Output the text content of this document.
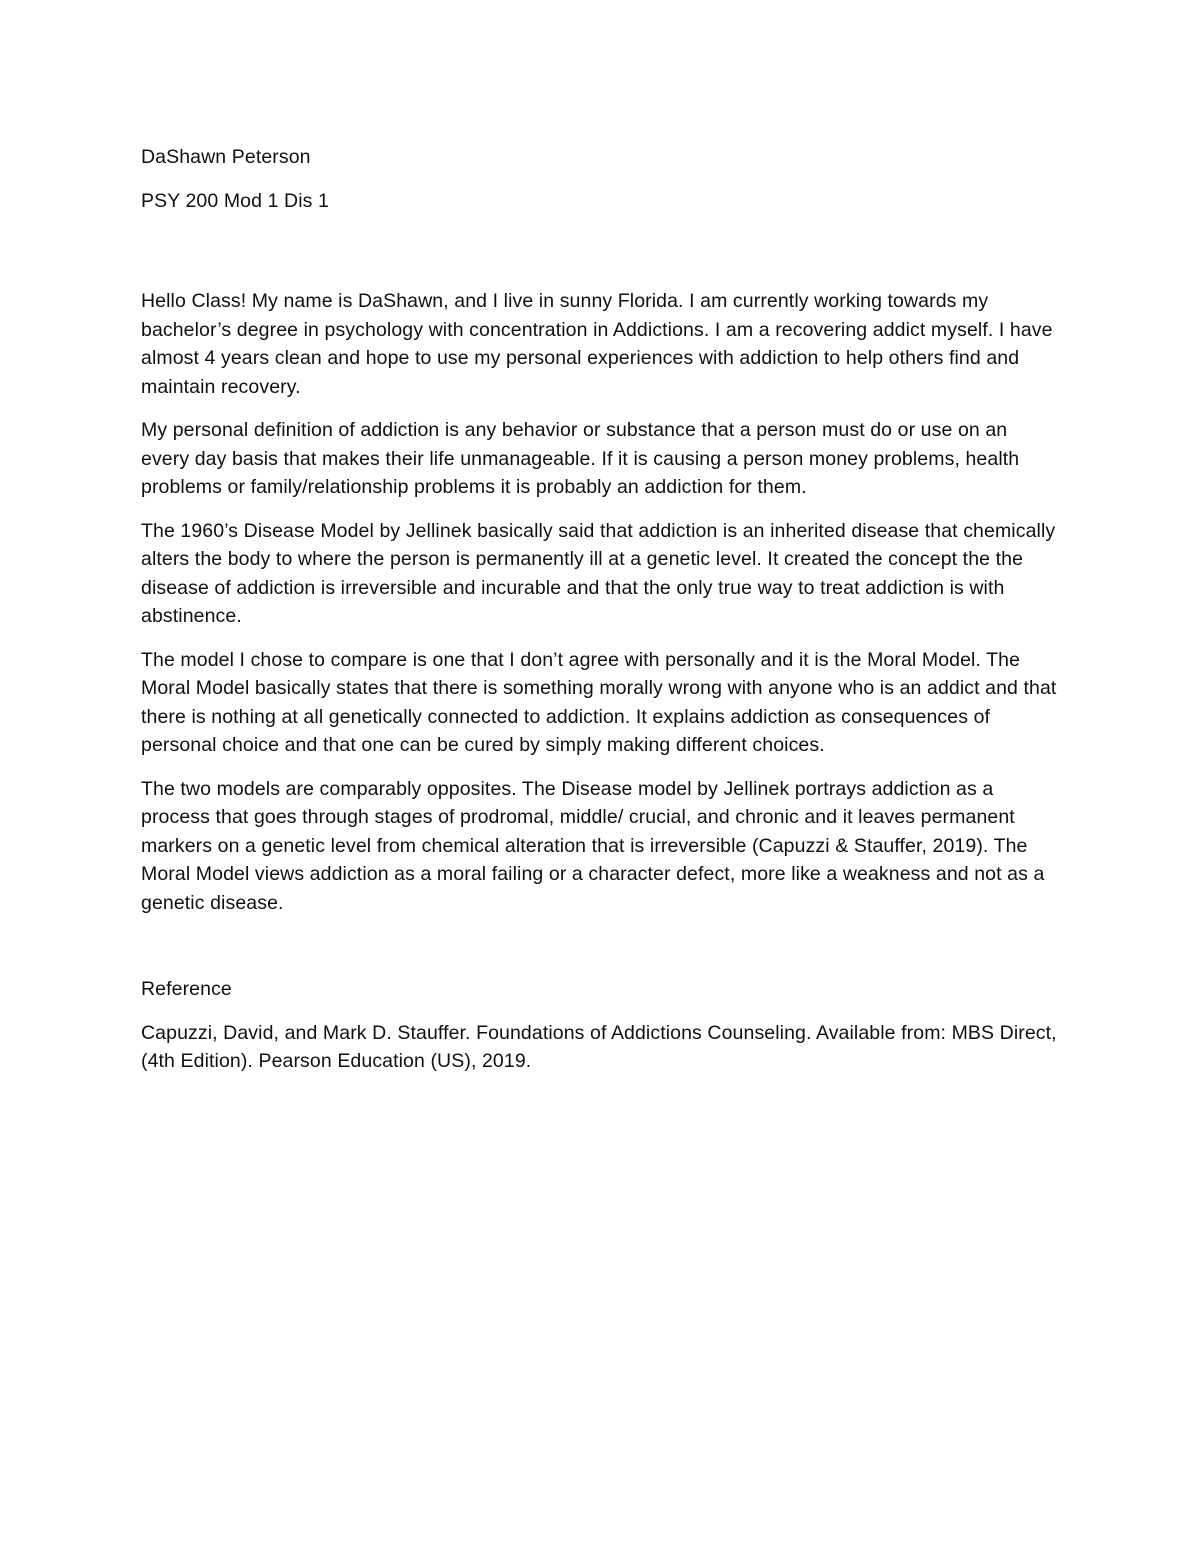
DaShawn Peterson

PSY 200 Mod 1 Dis 1

Hello Class! My name is DaShawn, and I live in sunny Florida. I am currently working towards my bachelor’s degree in psychology with concentration in Addictions. I am a recovering addict myself. I have almost 4 years clean and hope to use my personal experiences with addiction to help others find and maintain recovery.

My personal definition of addiction is any behavior or substance that a person must do or use on an every day basis that makes their life unmanageable. If it is causing a person money problems, health problems or family/relationship problems it is probably an addiction for them.

The 1960’s Disease Model by Jellinek basically said that addiction is an inherited disease that chemically alters the body to where the person is permanently ill at a genetic level. It created the concept the the disease of addiction is irreversible and incurable and that the only true way to treat addiction is with abstinence.

The model I chose to compare is one that I don’t agree with personally and it is the Moral Model. The Moral Model basically states that there is something morally wrong with anyone who is an addict and that there is nothing at all genetically connected to addiction. It explains addiction as consequences of personal choice and that one can be cured by simply making different choices.

The two models are comparably opposites. The Disease model by Jellinek portrays addiction as a process that goes through stages of prodromal, middle/ crucial, and chronic and it leaves permanent markers on a genetic level from chemical alteration that is irreversible (Capuzzi & Stauffer, 2019). The Moral Model views addiction as a moral failing or a character defect, more like a weakness and not as a genetic disease.

Reference

Capuzzi, David, and Mark D. Stauffer. Foundations of Addictions Counseling. Available from: MBS Direct, (4th Edition). Pearson Education (US), 2019.
